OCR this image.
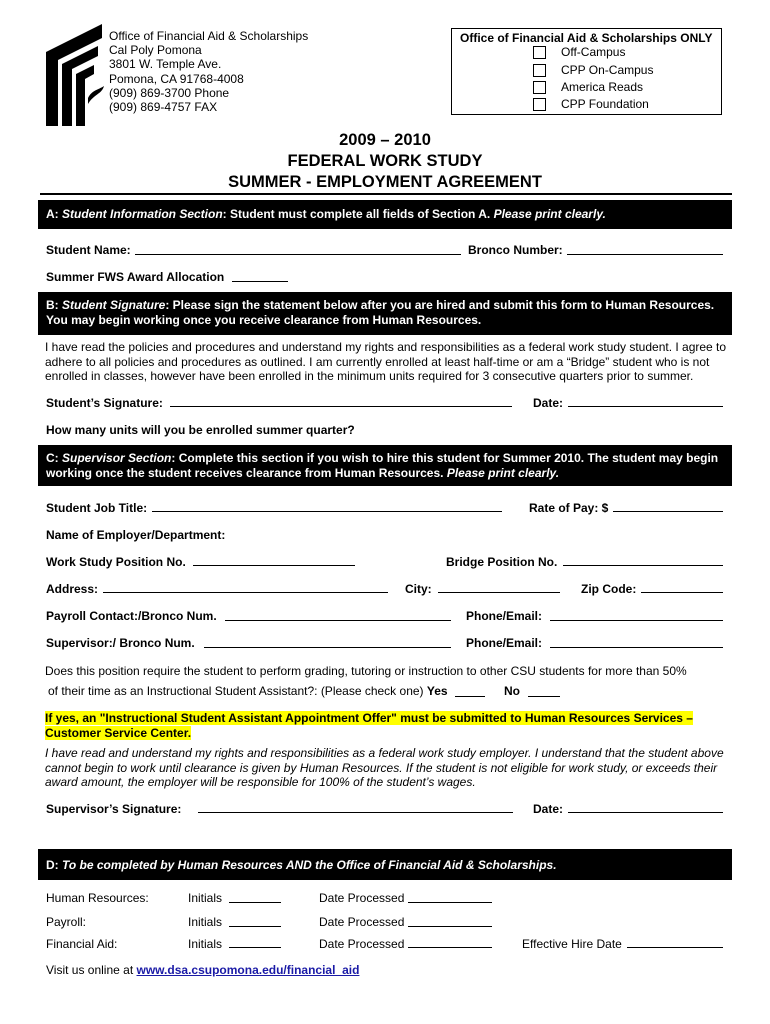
Office of Financial Aid & Scholarships
Cal Poly Pomona
3801 W. Temple Ave.
Pomona, CA 91768-4008
(909) 869-3700 Phone
(909) 869-4757 FAX
Office of Financial Aid & Scholarships ONLY
Off-Campus
CPP On-Campus
America Reads
CPP Foundation
2009 – 2010
FEDERAL WORK STUDY
SUMMER - EMPLOYMENT AGREEMENT
A: Student Information Section: Student must complete all fields of Section A. Please print clearly.
Student Name:	Bronco Number:
Summer FWS Award Allocation
B: Student Signature: Please sign the statement below after you are hired and submit this form to Human Resources.
You may begin working once you receive clearance from Human Resources.
I have read the policies and procedures and understand my rights and responsibilities as a federal work study student. I agree to
adhere to all policies and procedures as outlined. I am currently enrolled at least half-time or am a “Bridge” student who is not
enrolled in classes, however have been enrolled in the minimum units required for 3 consecutive quarters prior to summer.
Student’s Signature:	Date:
How many units will you be enrolled summer quarter?
C: Supervisor Section: Complete this section if you wish to hire this student for Summer 2010. The student may begin
working once the student receives clearance from Human Resources. Please print clearly.
Student Job Title:	Rate of Pay: $
Name of Employer/Department:
Work Study Position No.	Bridge Position No.
Address:	City:	Zip Code:
Payroll Contact:/Bronco Num.	Phone/Email:
Supervisor:/ Bronco Num.	Phone/Email:
Does this position require the student to perform grading, tutoring or instruction to other CSU students for more than 50%
of their time as an Instructional Student Assistant?: (Please check one) Yes	No
If yes, an "Instructional Student Assistant Appointment Offer" must be submitted to Human Resources Services –
Customer Service Center.
I have read and understand my rights and responsibilities as a federal work study employer. I understand that the student above
cannot begin to work until clearance is given by Human Resources. If the student is not eligible for work study, or exceeds their
award amount, the employer will be responsible for 100% of the student’s wages.
Supervisor’s Signature:	Date:
D: To be completed by Human Resources AND the Office of Financial Aid & Scholarships.
Human Resources:	Initials	Date Processed
Payroll:	Initials	Date Processed
Financial Aid:	Initials	Date Processed	Effective Hire Date
Visit us online at www.dsa.csupomona.edu/financial_aid
